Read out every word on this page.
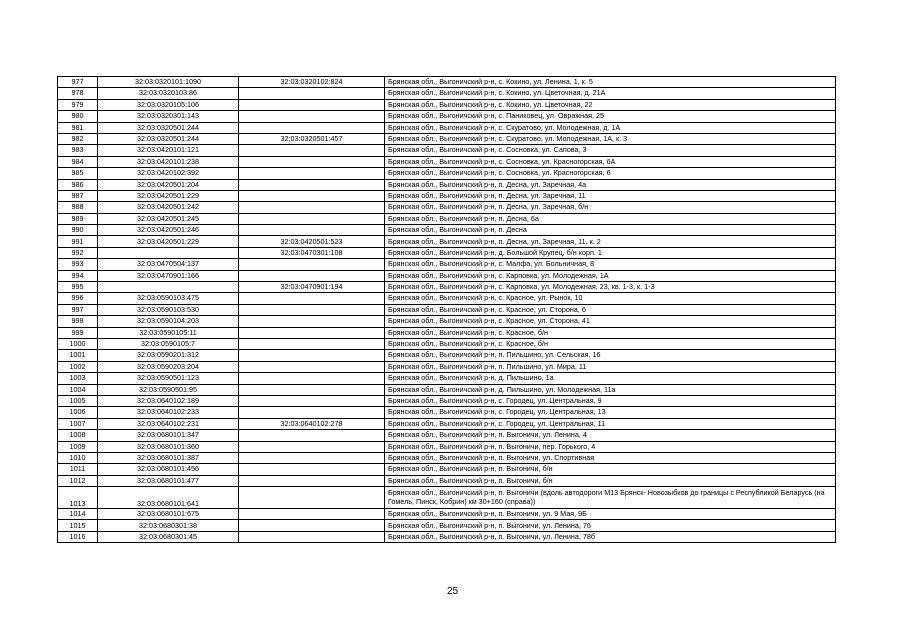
977	32:03:0320101:1090	32:03:0320102:824	Брянская обл., Выгоничский р-н, с. Кокино, ул. Ленина, 1, к. 5
978	32:03:0320103:86		Брянская обл., Выгоничский р-н, с. Кокино, ул. Цветочная, д. 21А
979	32:03:0320105:106		Брянская обл., Выгоничский р-н, с. Кокино, ул. Цветочная, 22
980	32:03:0320301:143		Брянская обл., Выгоничский р-н, с. Паниковец, ул. Овражная, 25
981	32:03:0320501:244		Брянская обл., Выгоничский р-н, с. Скуратово, ул. Молодежная, д. 1А
982	32:03:0320501:244	32:03:0320501:457	Брянская обл., Выгоничский р-н, с. Скуратово, ул. Молодежная, 1А, к. 3
983	32:03:0420101:121		Брянская обл., Выгоничский р-н, с. Сосновка, ул. Сапова, 3
984	32:03:0420101:238		Брянская обл., Выгоничский р-н, с. Сосновка, ул. Красногорская, 6А
985	32:03:0420102:392		Брянская обл., Выгоничский р-н, с. Сосновка, ул. Красногорская, 6
986	32:03:0420501:204		Брянская обл., Выгоничский р-н, п. Десна, ул. Заречная, 4а
987	32:03:0420501:229		Брянская обл., Выгоничский р-н, п. Десна, ул. Заречная, 11
988	32:03:0420501:242		Брянская обл., Выгоничский р-н, п. Десна, ул. Заречная, б/н
989	32:03:0420501:245		Брянская обл., Выгоничский р-н, п. Десна, 6а
990	32:03:0420501:246		Брянская обл., Выгоничский р-н, п. Десна
991	32:03:0420501:229	32:03:0420501:523	Брянская обл., Выгоничский р-н, п. Десна, ул. Заречная, 11, к. 2
992		32:03:0470301:108	Брянская обл., Выгоничский р-н, д. Большой Крупец, б/н корп. 1
993	32:03:0470504:137		Брянская обл., Выгоничский р-н, с. Малфа, ул. Больничная, 8
994	32:03:0470901:166		Брянская обл., Выгоничский р-н, с. Карповка, ул. Молодежная, 1А
995		32:03:0470901:194	Брянская обл., Выгоничский р-н, с. Карповка, ул. Молодежная, 23, кв. 1-3, к. 1-3
996	32:03:0590103:475		Брянская обл., Выгоничский р-н, с. Красное, ул. Рынок, 10
997	32:03:0590103:530		Брянская обл., Выгоничский р-н, с. Красное, ул. Сторона, 6
998	32:03:0590104:203		Брянская обл., Выгоничский р-н, с. Красное, ул. Сторона, 41
999	32:03:0590105:11		Брянская обл., Выгоничский р-н, с. Красное, б/н
1000	32:03:0590105:7		Брянская обл., Выгоничский р-н, с. Красное, б/н
1001	32:03:0590201:312		Брянская обл., Выгоничский р-н, п. Пильшино, ул. Сельская, 16
1002	32:03:0590203:204		Брянская обл., Выгоничский р-н, п. Пильшино, ул. Мира, 11
1003	32:03:0590501:123		Брянская обл., Выгоничский р-н, д. Пильшино, 1а
1004	32:03:0590501:95		Брянская обл., Выгоничский р-н, д. Пильшино, ул. Молодежная, 11а
1005	32:03:0640102:189		Брянская обл., Выгоничский р-н, с. Городец, ул. Центральная, 9
1006	32:03:0640102:233		Брянская обл., Выгоничский р-н, с. Городец, ул. Центральная, 13
1007	32:03:0640102:231	32:03:0640102:278	Брянская обл., Выгоничский р-н, с. Городец, ул. Центральная, 11
1008	32:03:0680101:347		Брянская обл., Выгоничский р-н, п. Выгоничи, ул. Ленина, 4
1009	32:03:0680101:360		Брянская обл., Выгоничский р-н, п. Выгоничи, пер. Горького, 4
1010	32:03:0680101:387		Брянская обл., Выгоничский р-н, п. Выгоничи, ул. Спортивная
1011	32:03:0680101:456		Брянская обл., Выгоничский р-н, п. Выгоничи, б/н
1012	32:03:0680101:477		Брянская обл., Выгоничский р-н, п. Выгоничи, б/н
1013	32:03:0680101:641		Брянская обл., Выгоничский р-н, п. Выгоничи (вдоль автодороги М13 Брянск- Новозыбков до границы с Республикой Беларусь (на Гомель, Пинск, Кобрин) км 30+160 (справа))
1014	32:03:0680101:675		Брянская обл., Выгоничский р-н, п. Выгоничи, ул. 9 Мая, 9Б
1015	32:03:0680301:38		Брянская обл., Выгоничский р-н, п. Выгоничи, ул. Ленина, 76
1016	32:03:0680301:45		Брянская обл., Выгоничский р-н, п. Выгоничи, ул. Ленина, 78б
25
